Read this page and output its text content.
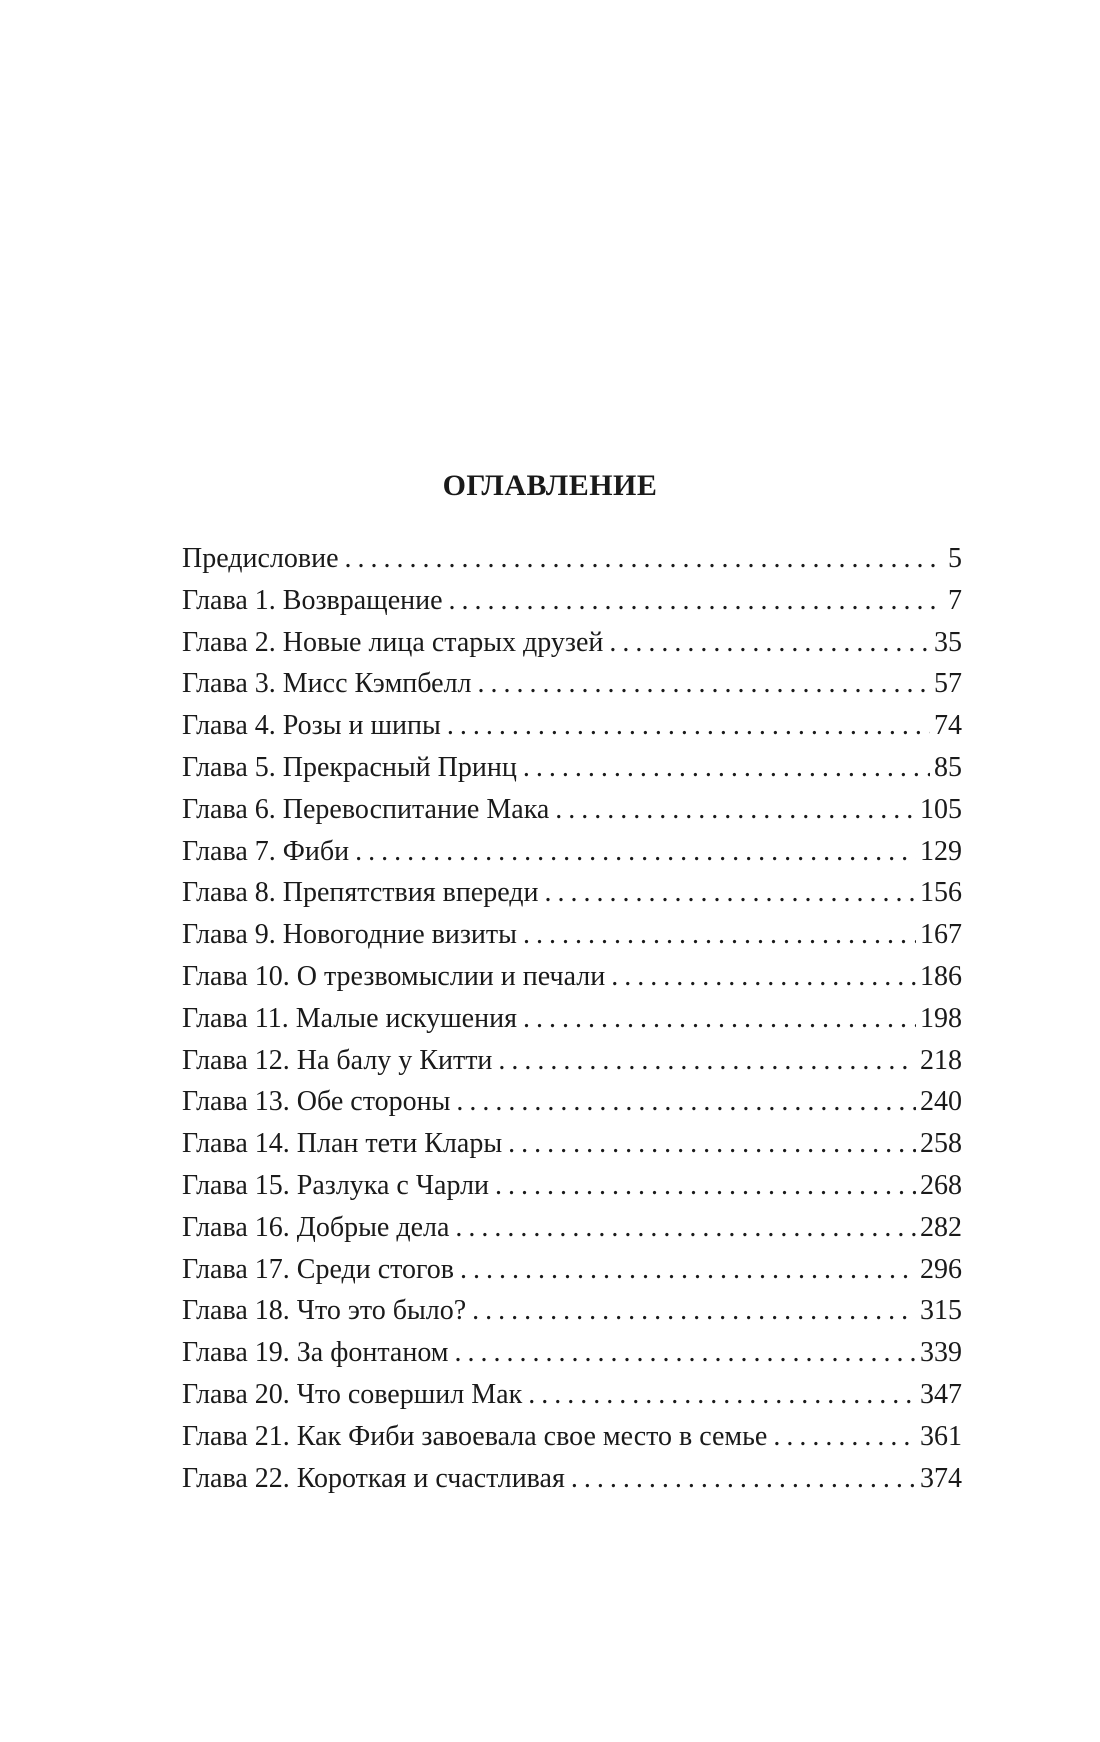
ОГЛАВЛЕНИЕ
Предисловие .....	5
Глава 1. Возвращение .....	7
Глава 2. Новые лица старых друзей .....	35
Глава 3. Мисс Кэмпбелл .....	57
Глава 4. Розы и шипы .....	74
Глава 5. Прекрасный Принц .....	85
Глава 6. Перевоспитание Мака .....	105
Глава 7. Фиби .....	129
Глава 8. Препятствия впереди .....	156
Глава 9. Новогодние визиты .....	167
Глава 10. О трезвомыслии и печали .....	186
Глава 11. Малые искушения .....	198
Глава 12. На балу у Китти .....	218
Глава 13. Обе стороны .....	240
Глава 14. План тети Клары .....	258
Глава 15. Разлука с Чарли .....	268
Глава 16. Добрые дела .....	282
Глава 17. Среди стогов .....	296
Глава 18. Что это было? .....	315
Глава 19. За фонтаном .....	339
Глава 20. Что совершил Мак .....	347
Глава 21. Как Фиби завоевала свое место в семье .....	361
Глава 22. Короткая и счастливая .....	374
